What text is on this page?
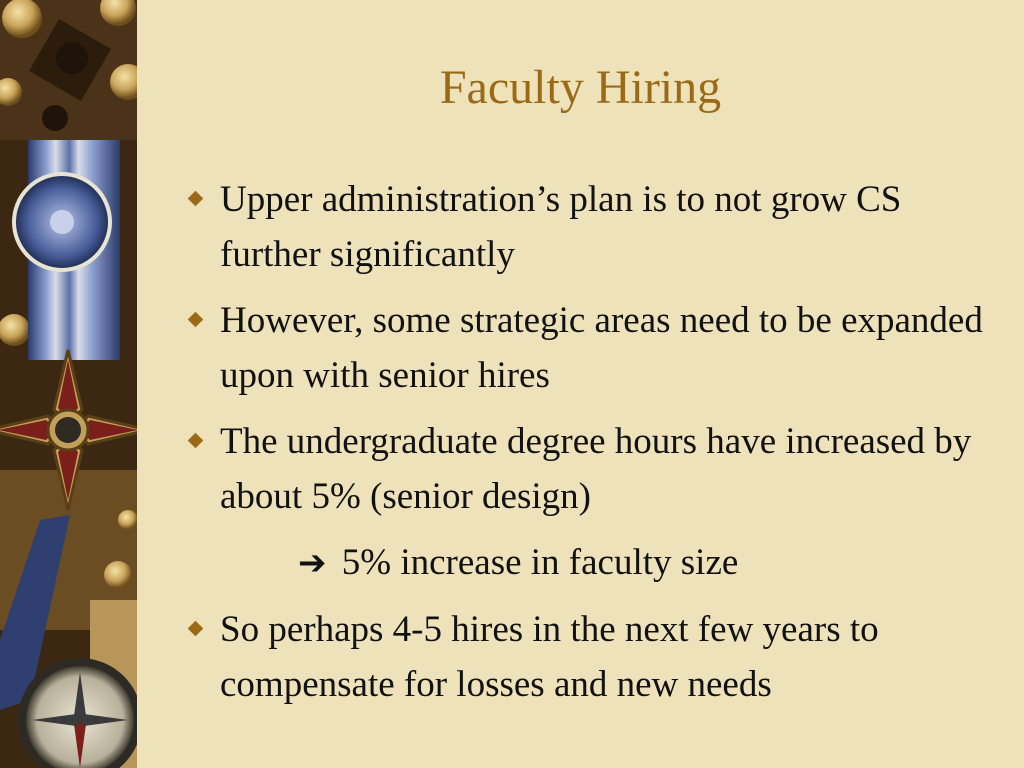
Faculty Hiring
Upper administration’s plan is to not grow CS further significantly
However, some strategic areas need to be expanded upon with senior hires
The undergraduate degree hours have increased by about 5% (senior design)
➔ 5% increase in faculty size
So perhaps 4-5 hires in the next few years to compensate for losses and new needs
